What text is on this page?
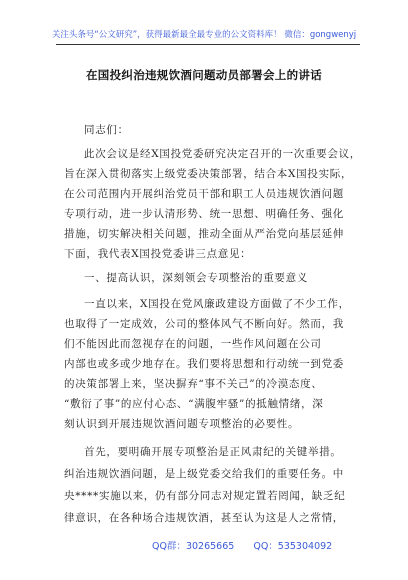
关注头条号“公文研究”，获得最新最全最专业的公文资料库！ 微信：gongwenyj
在国投纠治违规饮酒问题动员部署会上的讲话
同志们：
此次会议是经X国投党委研究决定召开的一次重要会议，
旨在深入贯彻落实上级党委决策部署，结合本X国投实际，
在公司范围内开展纠治党员干部和职工人员违规饮酒问题
专项行动，进一步认清形势、统一思想、明确任务、强化
措施，切实解决相关问题，推动全面从严治党向基层延伸
下面，我代表X国投党委讲三点意见：
一、提高认识，深刻领会专项整治的重要意义
一直以来，X国投在党风廉政建设方面做了不少工作，
也取得了一定成效，公司的整体风气不断向好。然而，我
们不能因此而忽视存在的问题，一些作风问题在公司
内部也或多或少地存在。我们要将思想和行动统一到党委
的决策部署上来，坚决摒弃“事不关己”的冷漠态度、
“敷衍了事”的应付心态、“满腹牢骚”的抵触情绪，深
刻认识到开展违规饮酒问题专项整治的必要性。
首先，要明确开展专项整治是正风肃纪的关键举措。
纠治违规饮酒问题，是上级党委交给我们的重要任务。中
央****实施以来，仍有部分同志对规定置若罔闻，缺乏纪
律意识，在各种场合违规饮酒，甚至认为这是人之常情，
QQ群：30265665 QQ：535304092
